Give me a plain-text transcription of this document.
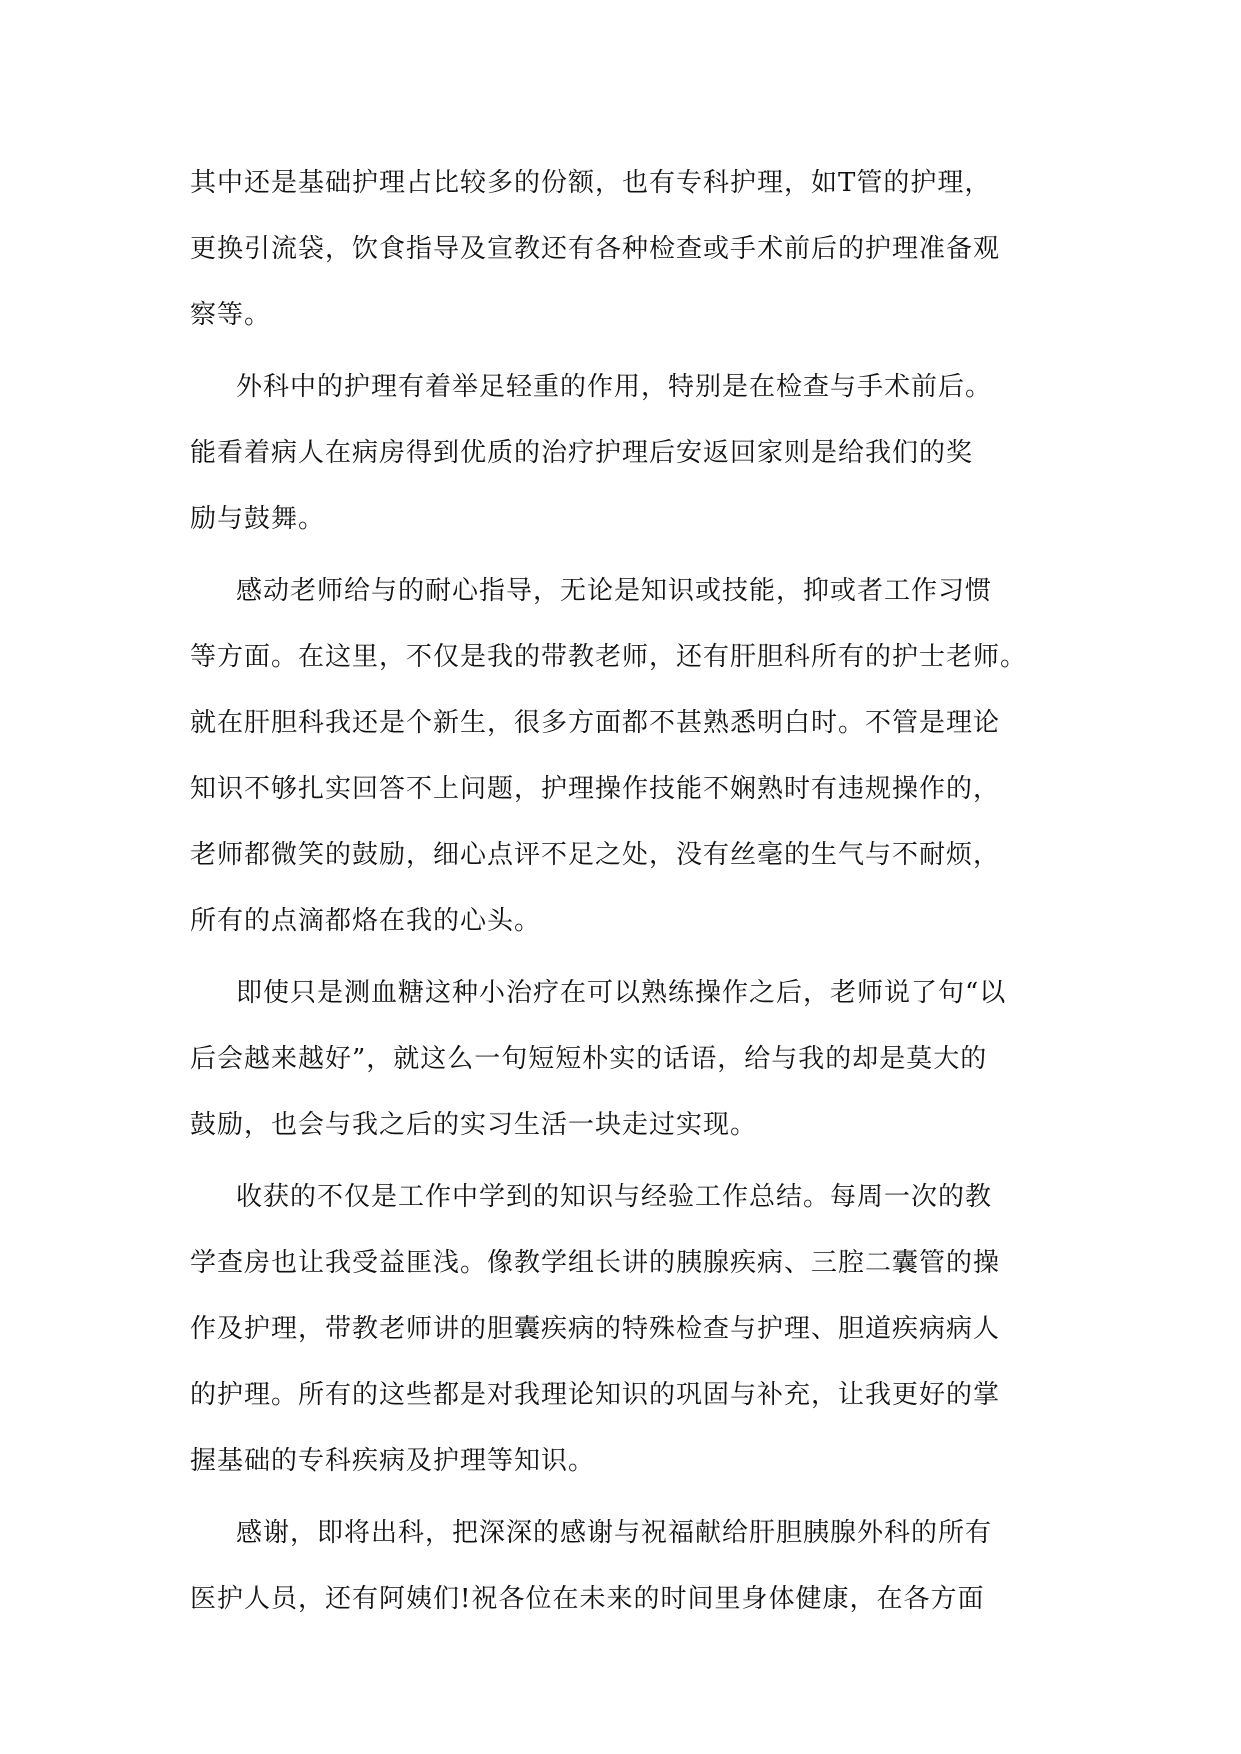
其中还是基础护理占比较多的份额，也有专科护理，如T管的护理，
更换引流袋，饮食指导及宣教还有各种检查或手术前后的护理准备观
察等。

外科中的护理有着举足轻重的作用，特别是在检查与手术前后。
能看着病人在病房得到优质的治疗护理后安返回家则是给我们的奖
励与鼓舞。

感动老师给与的耐心指导，无论是知识或技能，抑或者工作习惯
等方面。在这里，不仅是我的带教老师，还有肝胆科所有的护士老师。
就在肝胆科我还是个新生，很多方面都不甚熟悉明白时。不管是理论
知识不够扎实回答不上问题，护理操作技能不娴熟时有违规操作的，
老师都微笑的鼓励，细心点评不足之处，没有丝毫的生气与不耐烦，
所有的点滴都烙在我的心头。

即使只是测血糖这种小治疗在可以熟练操作之后，老师说了句“以
后会越来越好”，就这么一句短短朴实的话语，给与我的却是莫大的
鼓励，也会与我之后的实习生活一块走过实现。

收获的不仅是工作中学到的知识与经验工作总结。每周一次的教
学查房也让我受益匪浅。像教学组长讲的胰腺疾病、三腔二囊管的操
作及护理，带教老师讲的胆囊疾病的特殊检查与护理、胆道疾病病人
的护理。所有的这些都是对我理论知识的巩固与补充，让我更好的掌
握基础的专科疾病及护理等知识。

感谢，即将出科，把深深的感谢与祝福献给肝胆胰腺外科的所有
医护人员，还有阿姨们!祝各位在未来的时间里身体健康，在各方面
